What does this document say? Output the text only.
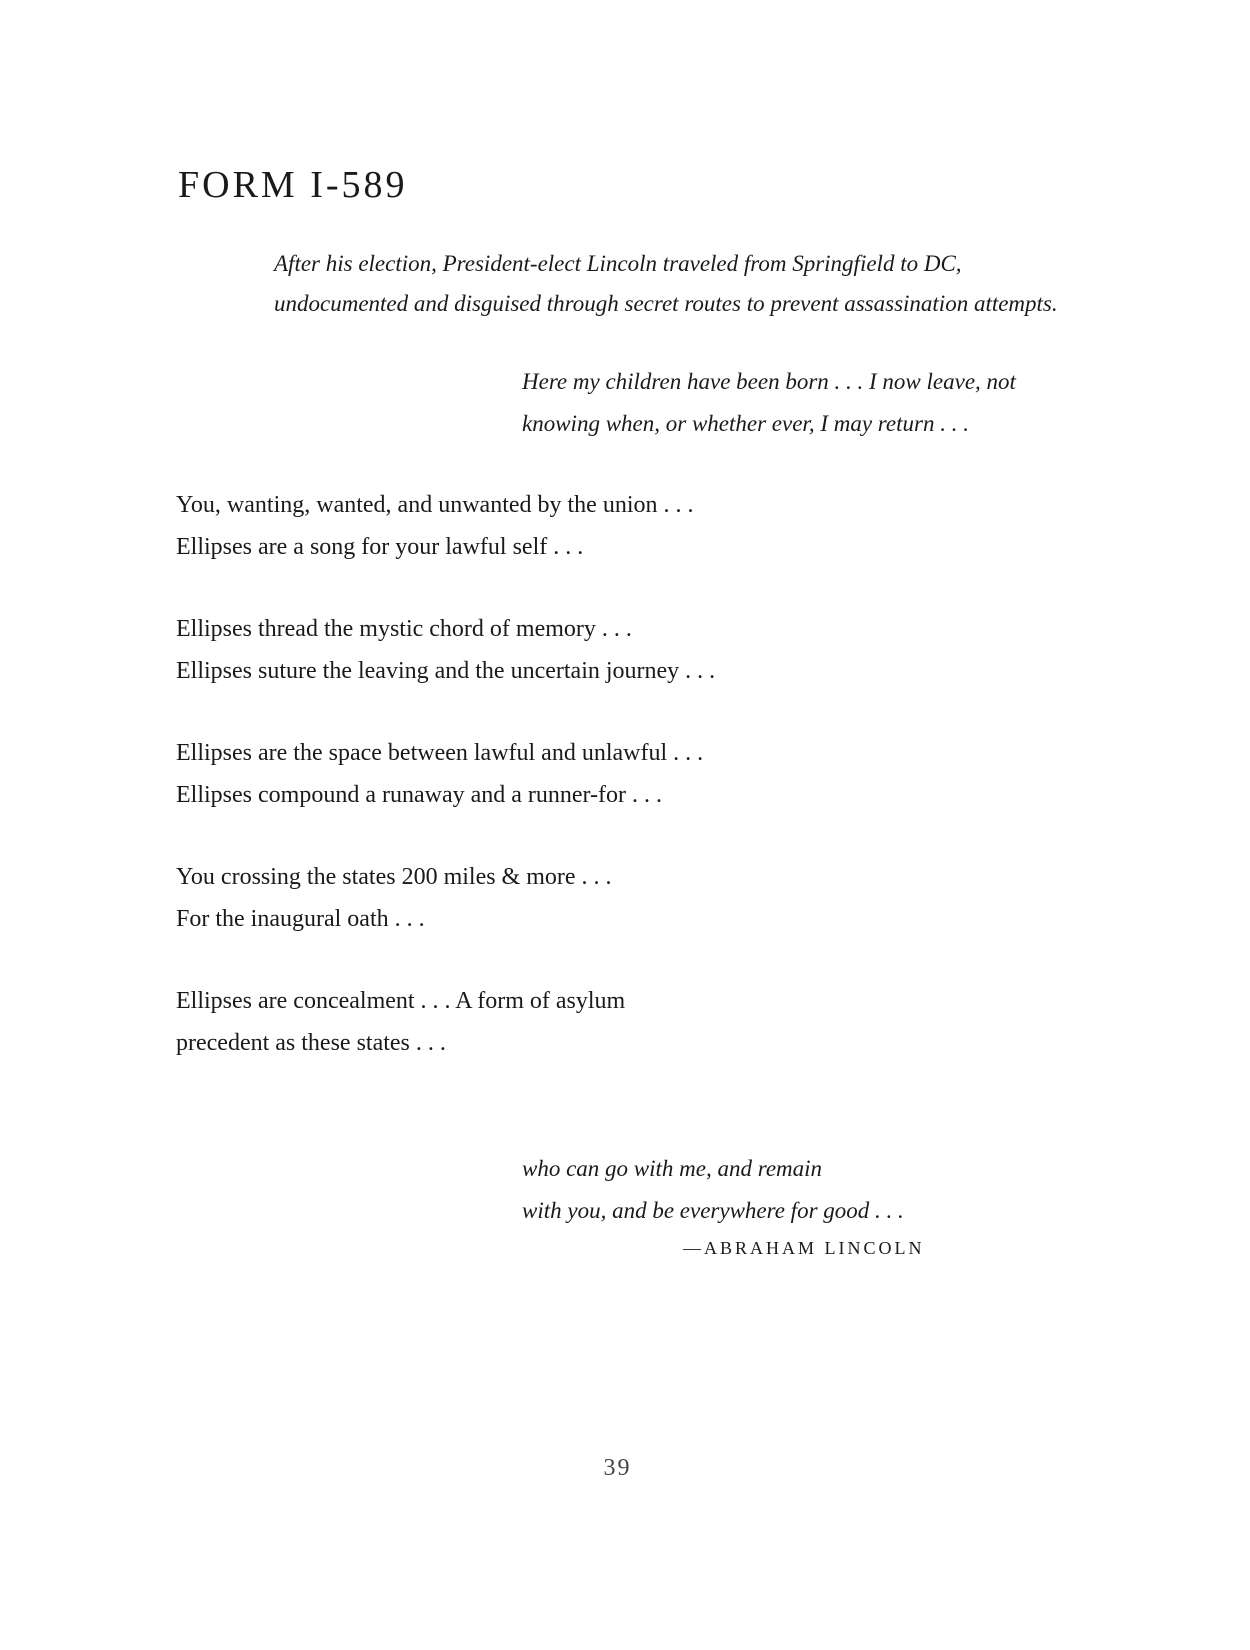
FORM I-589
After his election, President-elect Lincoln traveled from Springfield to DC,
undocumented and disguised through secret routes to prevent assassination attempts.
Here my children have been born . . . I now leave, not
knowing when, or whether ever, I may return . . .
You, wanting, wanted, and unwanted by the union . . .
Ellipses are a song for your lawful self . . .
Ellipses thread the mystic chord of memory . . .
Ellipses suture the leaving and the uncertain journey . . .
Ellipses are the space between lawful and unlawful . . .
Ellipses compound a runaway and a runner-for . . .
You crossing the states 200 miles & more . . .
For the inaugural oath . . .
Ellipses are concealment . . . A form of asylum
precedent as these states . . .
who can go with me, and remain
with you, and be everywhere for good . . .
—ABRAHAM LINCOLN
39
